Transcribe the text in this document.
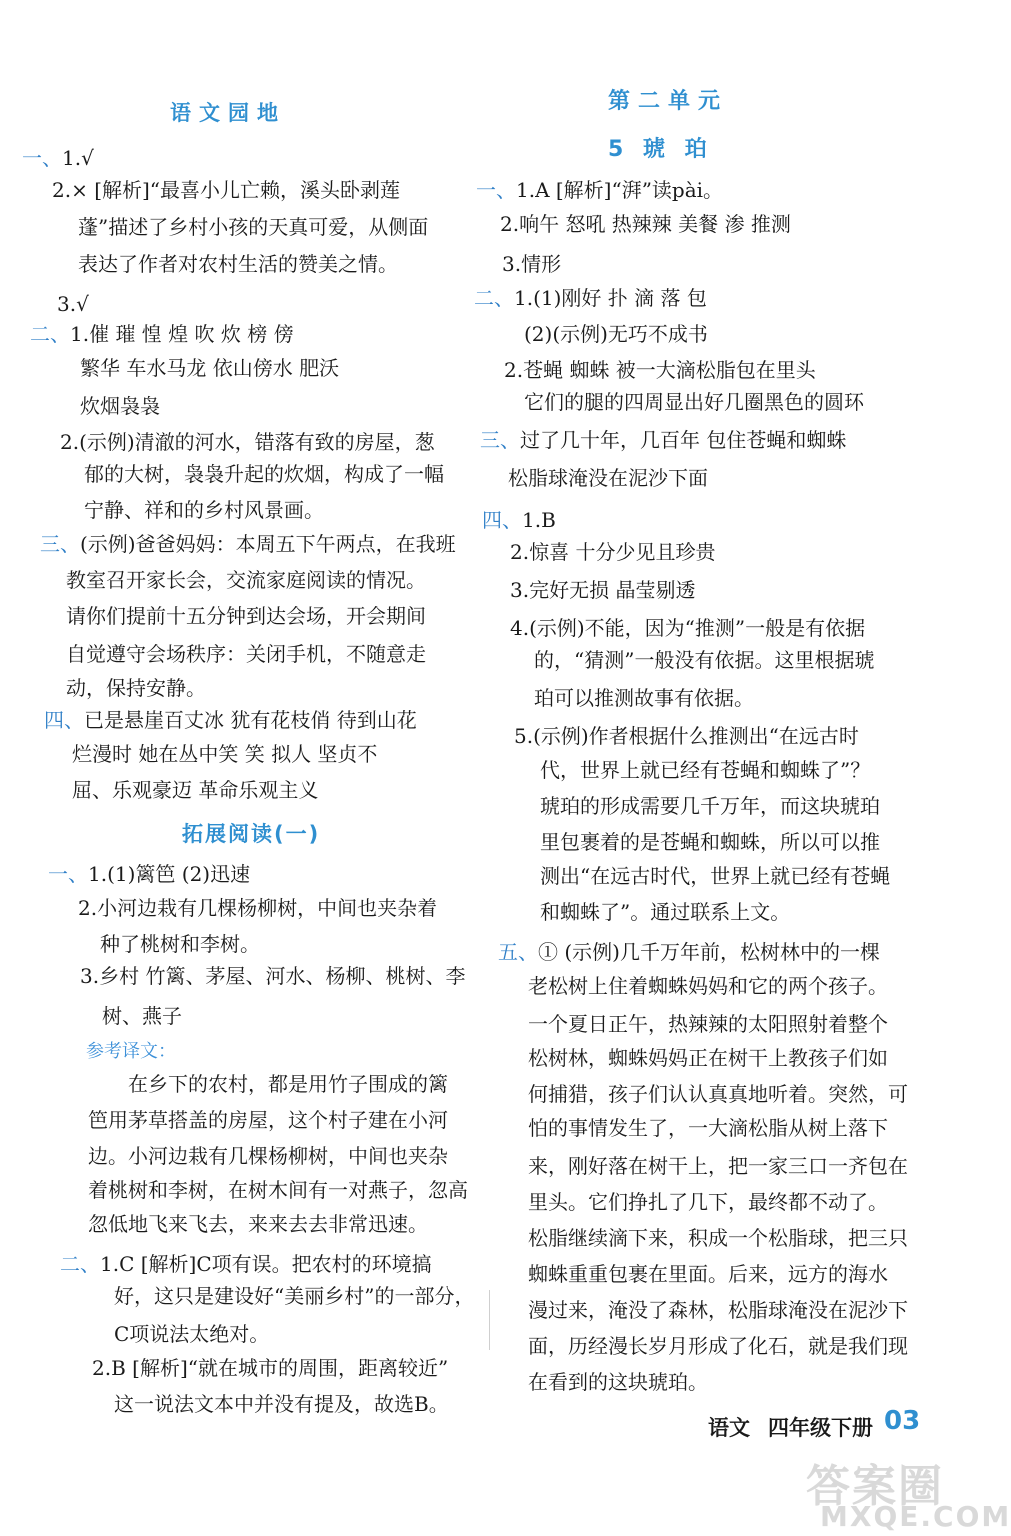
语文园地
一、1.√
2.× [解析]“最喜小儿亡赖，溪头卧剥莲
蓬”描述了乡村小孩的天真可爱，从侧面
表达了作者对农村生活的赞美之情。
3.√
二、1.催 璀 惶 煌 吹 炊 榜 傍
繁华 车水马龙 依山傍水 肥沃
炊烟袅袅
2.(示例)清澈的河水，错落有致的房屋，葱
郁的大树，袅袅升起的炊烟，构成了一幅
宁静、祥和的乡村风景画。
三、(示例)爸爸妈妈：本周五下午两点，在我班
教室召开家长会，交流家庭阅读的情况。
请你们提前十五分钟到达会场，开会期间
自觉遵守会场秩序：关闭手机，不随意走
动，保持安静。
四、已是悬崖百丈冰 犹有花枝俏 待到山花
烂漫时 她在丛中笑 笑 拟人 坚贞不
屈、乐观豪迈 革命乐观主义
拓展阅读(一)
一、1.(1)篱笆 (2)迅速
2.小河边栽有几棵杨柳树，中间也夹杂着
种了桃树和李树。
3.乡村 竹篱、茅屋、河水、杨柳、桃树、李
树、燕子
参考译文：
在乡下的农村，都是用竹子围成的篱
笆用茅草搭盖的房屋，这个村子建在小河
边。小河边栽有几棵杨柳树，中间也夹杂
着桃树和李树，在树木间有一对燕子，忽高
忽低地飞来飞去，来来去去非常迅速。
二、1.C [解析]C项有误。把农村的环境搞
好，这只是建设好“美丽乡村”的一部分，
C项说法太绝对。
2.B [解析]“就在城市的周围，距离较近”
这一说法文本中并没有提及，故选B。
第二单元
5 琥 珀
一、1.A [解析]“湃”读pài。
2.响午 怒吼 热辣辣 美餐 渗 推测
3.情形
二、1.(1)刚好 扑 滴 落 包
(2)(示例)无巧不成书
2.苍蝇 蜘蛛 被一大滴松脂包在里头
它们的腿的四周显出好几圈黑色的圆环
三、过了几十年，几百年 包住苍蝇和蜘蛛
松脂球淹没在泥沙下面
四、1.B
2.惊喜 十分少见且珍贵
3.完好无损 晶莹剔透
4.(示例)不能，因为“推测”一般是有依据
的，“猜测”一般没有依据。这里根据琥
珀可以推测故事有依据。
5.(示例)作者根据什么推测出“在远古时
代，世界上就已经有苍蝇和蜘蛛了”？
琥珀的形成需要几千万年，而这块琥珀
里包裹着的是苍蝇和蜘蛛，所以可以推
测出“在远古时代，世界上就已经有苍蝇
和蜘蛛了”。通过联系上文。
五、① (示例)几千万年前，松树林中的一棵
老松树上住着蜘蛛妈妈和它的两个孩子。
一个夏日正午，热辣辣的太阳照射着整个
松树林，蜘蛛妈妈正在树干上教孩子们如
何捕猎，孩子们认认真真地听着。突然，可
怕的事情发生了，一大滴松脂从树上落下
来，刚好落在树干上，把一家三口一齐包在
里头。它们挣扎了几下，最终都不动了。
松脂继续滴下来，积成一个松脂球，把三只
蜘蛛重重包裹在里面。后来，远方的海水
漫过来，淹没了森林，松脂球淹没在泥沙下
面，历经漫长岁月形成了化石，就是我们现
在看到的这块琥珀。
语文 四年级下册 03
答案圈
MXQE.COM
